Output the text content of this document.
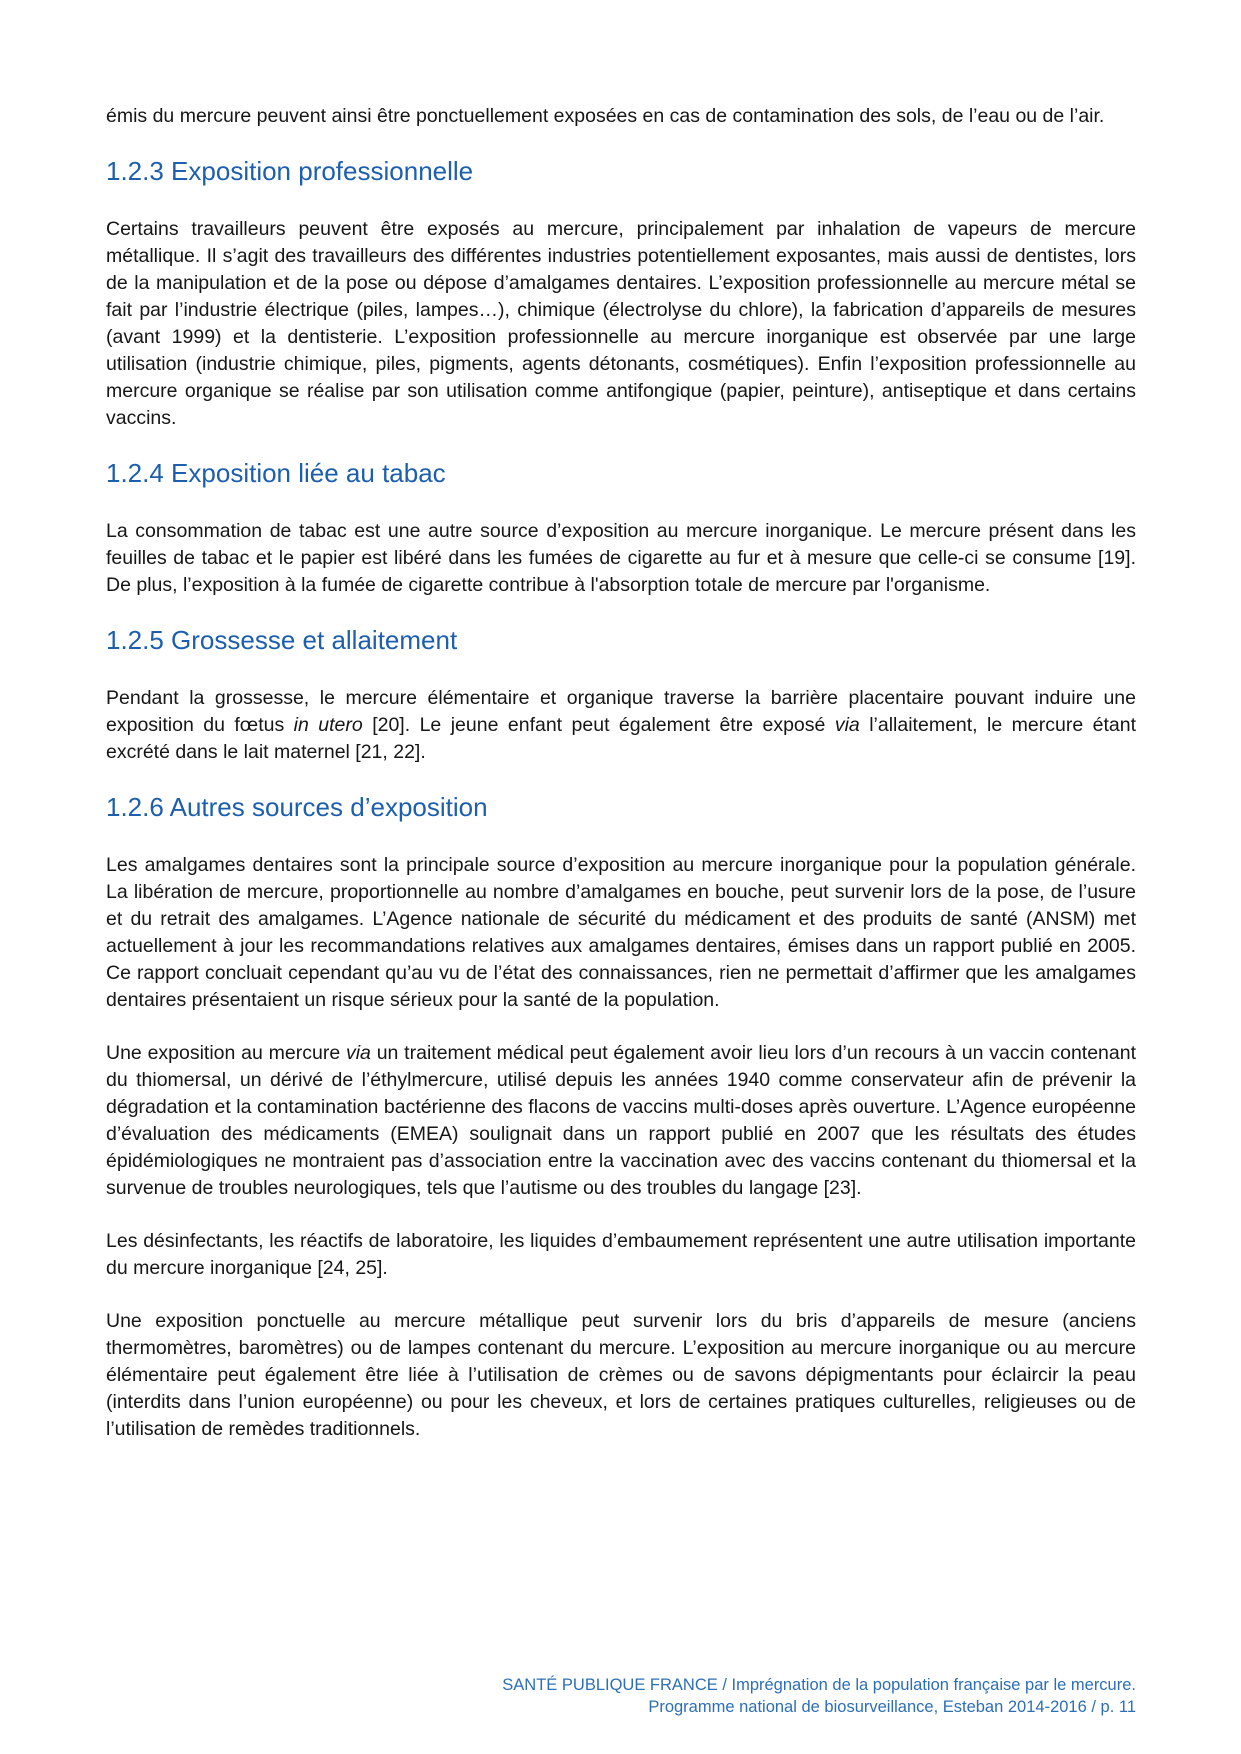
émis du mercure peuvent ainsi être ponctuellement exposées en cas de contamination des sols, de l’eau ou de l’air.

1.2.3 Exposition professionnelle

Certains travailleurs peuvent être exposés au mercure, principalement par inhalation de vapeurs de mercure métallique. Il s’agit des travailleurs des différentes industries potentiellement exposantes, mais aussi de dentistes, lors de la manipulation et de la pose ou dépose d’amalgames dentaires. L’exposition professionnelle au mercure métal se fait par l’industrie électrique (piles, lampes…), chimique (électrolyse du chlore), la fabrication d’appareils de mesures (avant 1999) et la dentisterie. L’exposition professionnelle au mercure inorganique est observée par une large utilisation (industrie chimique, piles, pigments, agents détonants, cosmétiques). Enfin l’exposition professionnelle au mercure organique se réalise par son utilisation comme antifongique (papier, peinture), antiseptique et dans certains vaccins.

1.2.4 Exposition liée au tabac

La consommation de tabac est une autre source d’exposition au mercure inorganique. Le mercure présent dans les feuilles de tabac et le papier est libéré dans les fumées de cigarette au fur et à mesure que celle-ci se consume [19]. De plus, l’exposition à la fumée de cigarette contribue à l'absorption totale de mercure par l'organisme.

1.2.5 Grossesse et allaitement

Pendant la grossesse, le mercure élémentaire et organique traverse la barrière placentaire pouvant induire une exposition du fœtus in utero [20]. Le jeune enfant peut également être exposé via l’allaitement, le mercure étant excrété dans le lait maternel [21, 22].

1.2.6 Autres sources d’exposition

Les amalgames dentaires sont la principale source d’exposition au mercure inorganique pour la population générale. La libération de mercure, proportionnelle au nombre d’amalgames en bouche, peut survenir lors de la pose, de l’usure et du retrait des amalgames. L’Agence nationale de sécurité du médicament et des produits de santé (ANSM) met actuellement à jour les recommandations relatives aux amalgames dentaires, émises dans un rapport publié en 2005. Ce rapport concluait cependant qu’au vu de l’état des connaissances, rien ne permettait d’affirmer que les amalgames dentaires présentaient un risque sérieux pour la santé de la population.

Une exposition au mercure via un traitement médical peut également avoir lieu lors d’un recours à un vaccin contenant du thiomersal, un dérivé de l’éthylmercure, utilisé depuis les années 1940 comme conservateur afin de prévenir la dégradation et la contamination bactérienne des flacons de vaccins multi-doses après ouverture. L’Agence européenne d’évaluation des médicaments (EMEA) soulignait dans un rapport publié en 2007 que les résultats des études épidémiologiques ne montraient pas d’association entre la vaccination avec des vaccins contenant du thiomersal et la survenue de troubles neurologiques, tels que l’autisme ou des troubles du langage [23].

Les désinfectants, les réactifs de laboratoire, les liquides d’embaumement représentent une autre utilisation importante du mercure inorganique [24, 25].

Une exposition ponctuelle au mercure métallique peut survenir lors du bris d’appareils de mesure (anciens thermomètres, baromètres) ou de lampes contenant du mercure. L’exposition au mercure inorganique ou au mercure élémentaire peut également être liée à l’utilisation de crèmes ou de savons dépigmentants pour éclaircir la peau (interdits dans l’union européenne) ou pour les cheveux, et lors de certaines pratiques culturelles, religieuses ou de l’utilisation de remèdes traditionnels.

SANTÉ PUBLIQUE FRANCE / Imprégnation de la population française par le mercure.
Programme national de biosurveillance, Esteban 2014-2016 / p. 11
